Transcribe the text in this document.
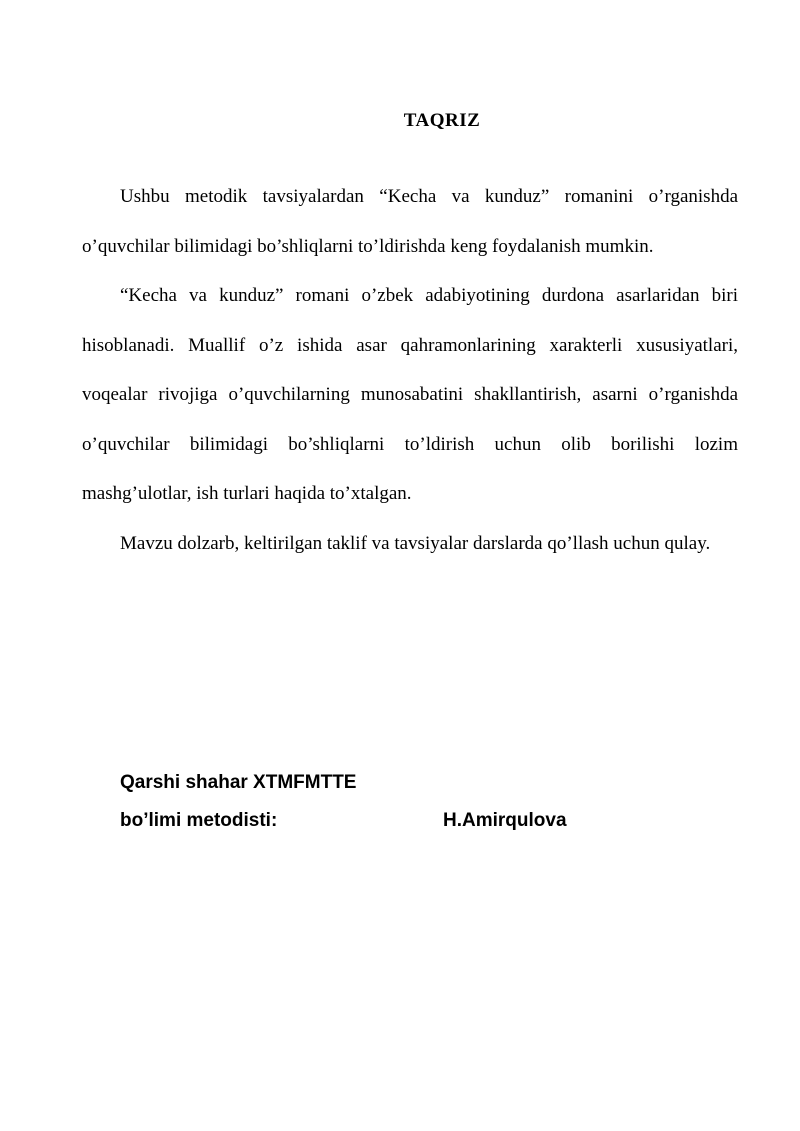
TAQRIZ

Ushbu metodik tavsiyalardan “Kecha va kunduz” romanini o’rganishda o’quvchilar bilimidagi bo’shliqlarni to’ldirishda keng foydalanish mumkin.

“Kecha va kunduz” romani o’zbek adabiyotining durdona asarlaridan biri hisoblanadi. Muallif o’z ishida asar qahramonlarining xarakterli xususiyatlari, voqealar rivojiga o’quvchilarning munosabatini shakllantirish, asarni o’rganishda o’quvchilar bilimidagi bo’shliqlarni to’ldirish uchun olib borilishi lozim mashg’ulotlar, ish turlari haqida to’xtalgan.

Mavzu dolzarb, keltirilgan taklif va tavsiyalar darslarda qo’llash uchun qulay.

Qarshi shahar XTMFMTTE
bo’limi metodisti:	H.Amirqulova
